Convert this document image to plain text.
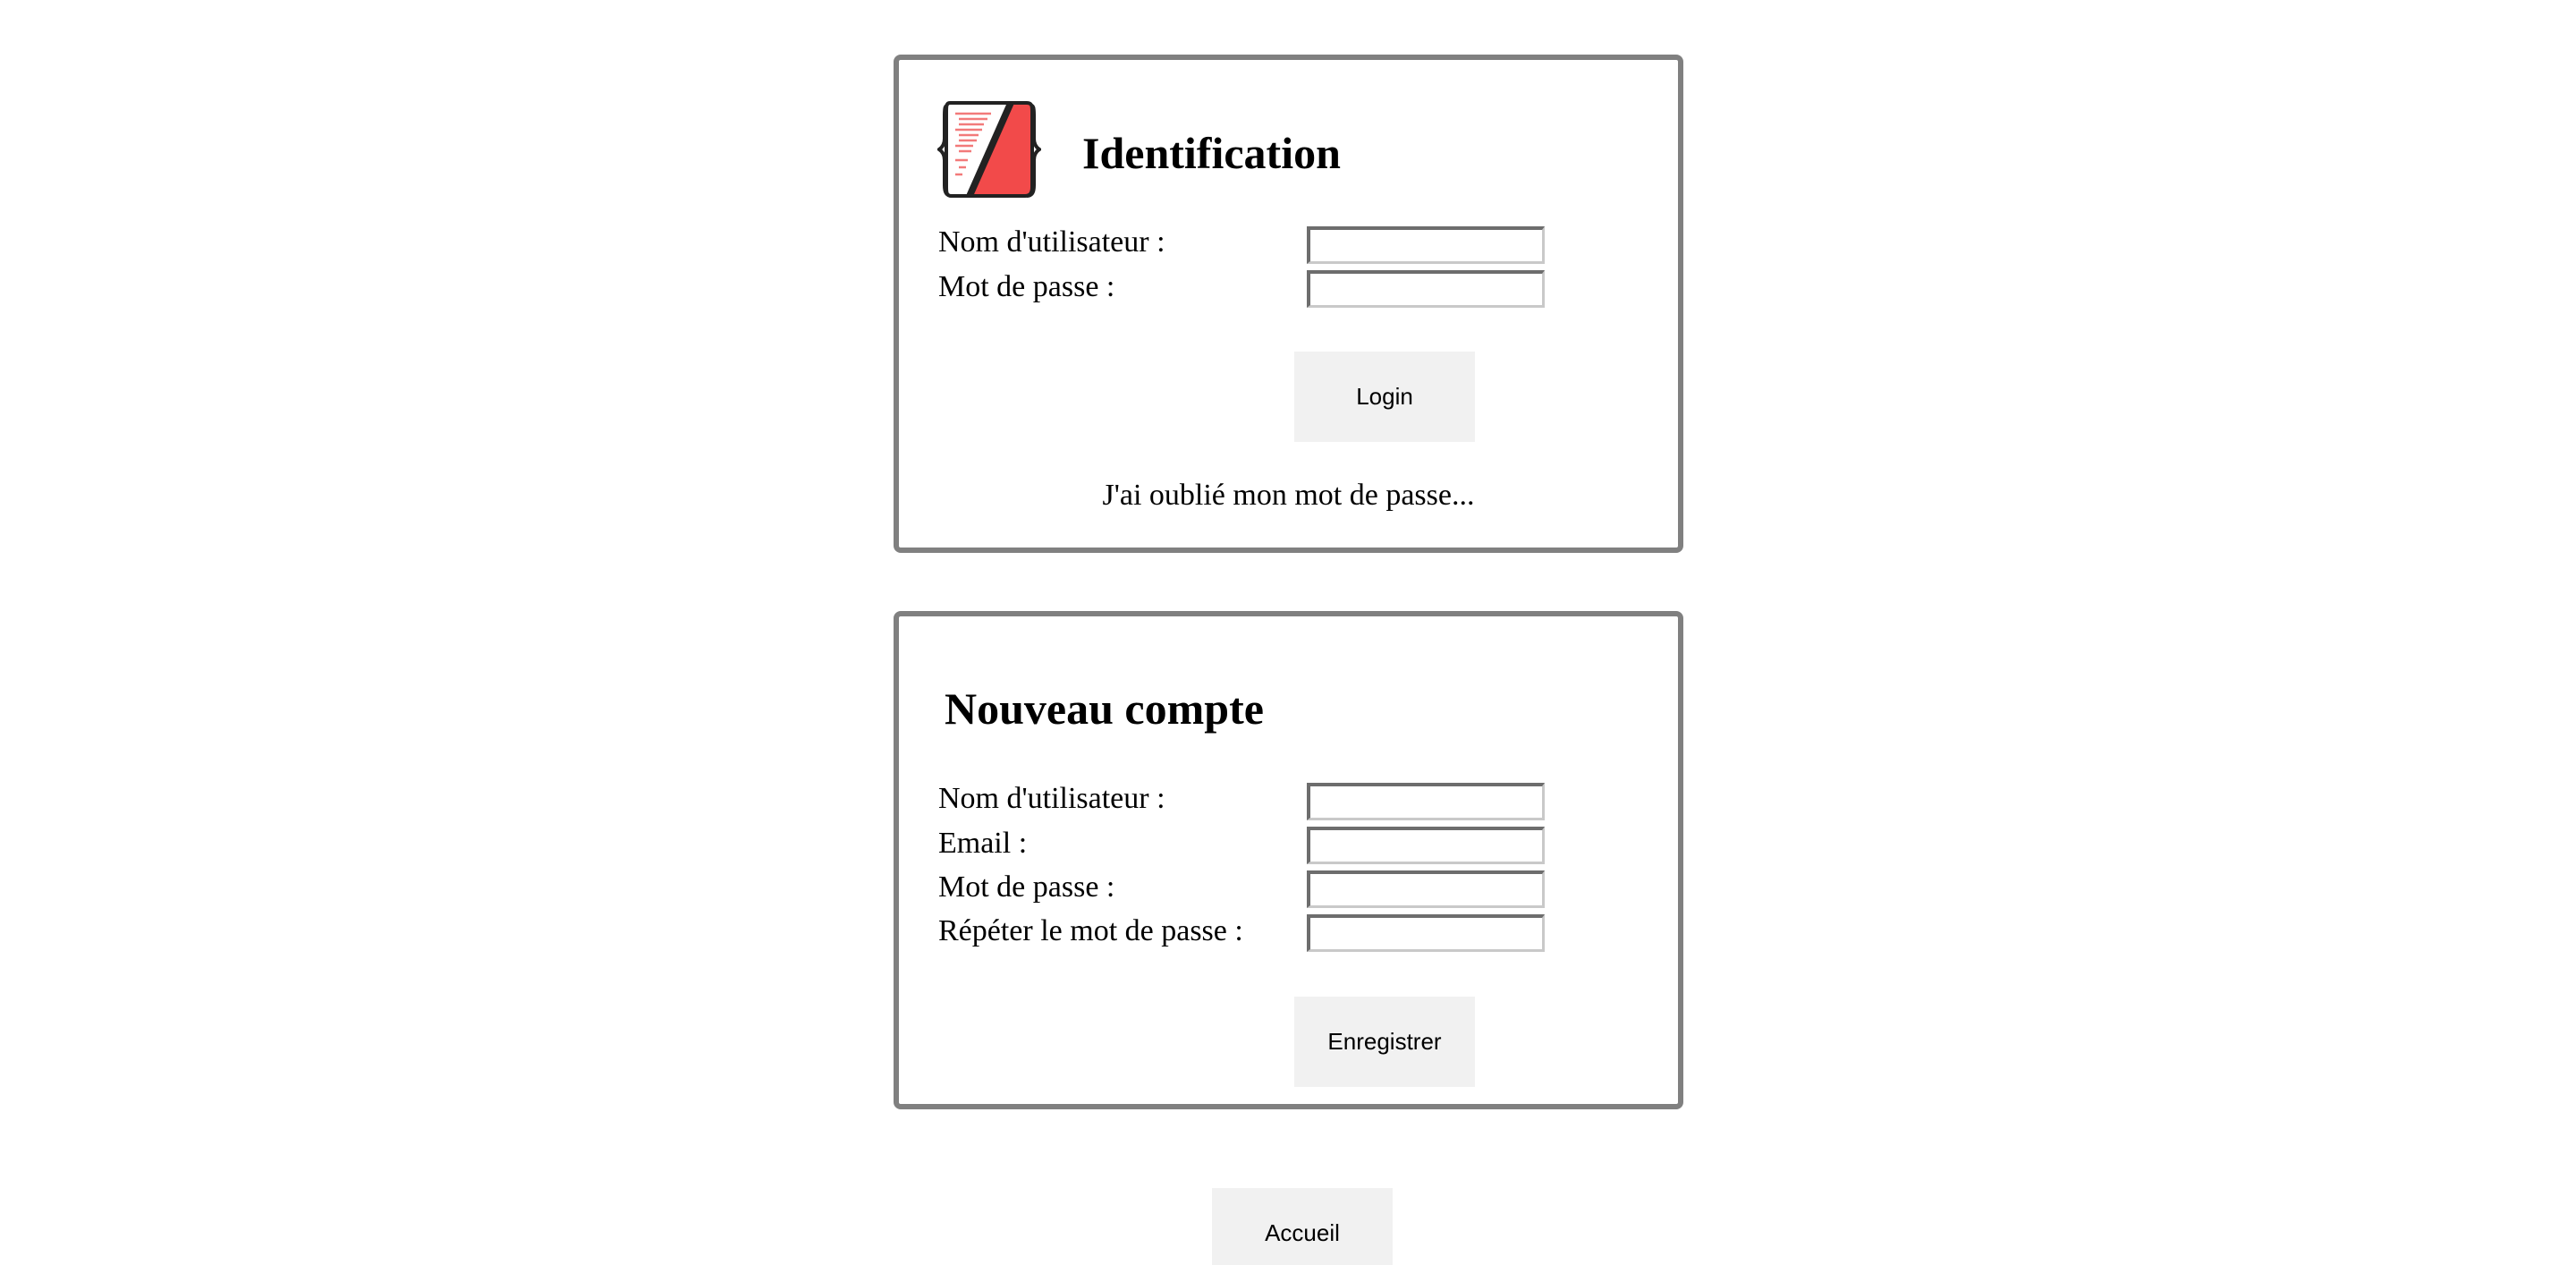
Identification
Nom d'utilisateur :
Mot de passe :
Login
J'ai oublié mon mot de passe...
Nouveau compte
Nom d'utilisateur :
Email :
Mot de passe :
Répéter le mot de passe :
Enregistrer
Accueil
